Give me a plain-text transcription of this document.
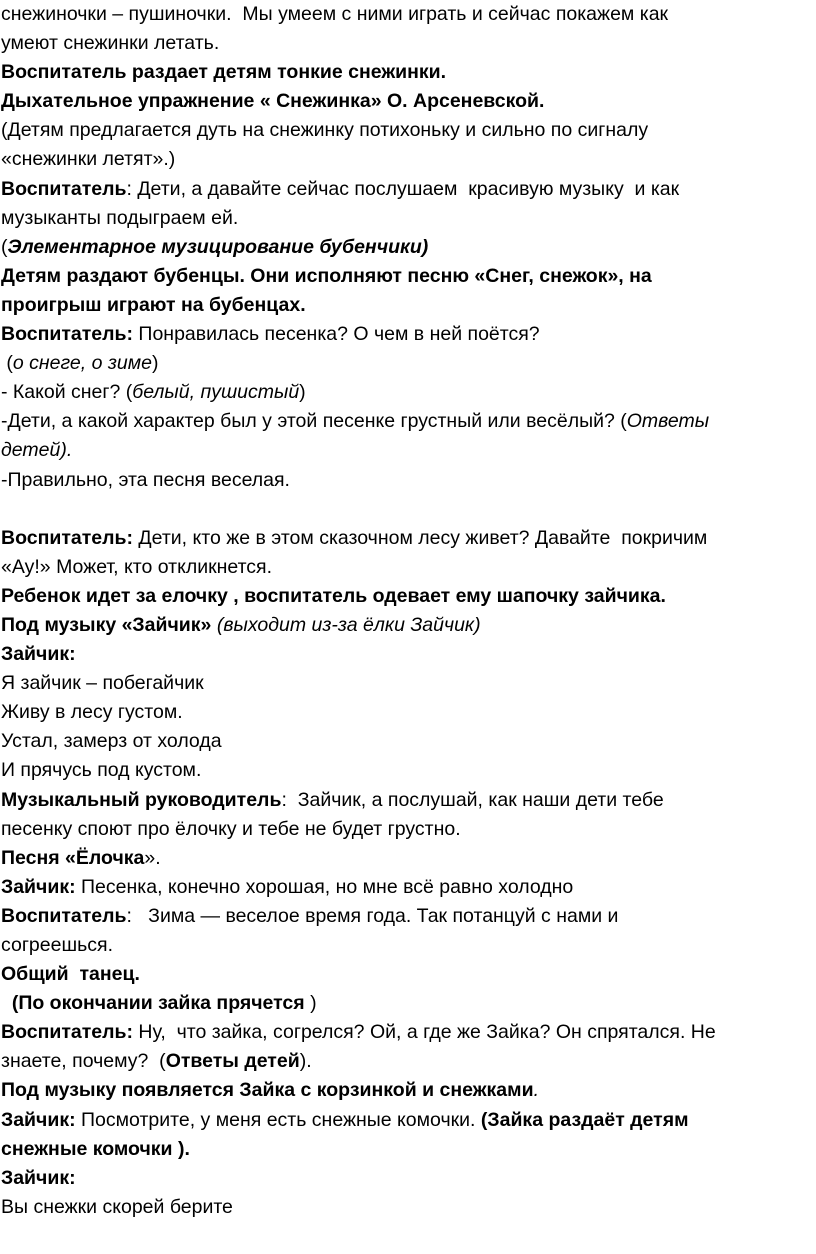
снежиночки – пушиночки.  Мы умеем с ними играть и сейчас покажем как
умеют снежинки летать.
Воспитатель раздает детям тонкие снежинки.
Дыхательное упражнение « Снежинка» О. Арсеневской.
(Детям предлагается дуть на снежинку потихоньку и сильно по сигналу
«снежинки летят».)
Воспитатель: Дети, а давайте сейчас послушаем  красивую музыку  и как
музыканты подыграем ей.
(Элементарное музицирование бубенчики)
Детям раздают бубенцы. Они исполняют песню «Снег, снежок», на
проигрыш играют на бубенцах.
Воспитатель: Понравилась песенка? О чем в ней поётся?
(о снеге, о зиме)
- Какой снег? (белый, пушистый)
-Дети, а какой характер был у этой песенке грустный или весёлый? (Ответы
детей).
-Правильно, эта песня веселая.
Воспитатель: Дети, кто же в этом сказочном лесу живет? Давайте  покричим
«Ау!» Может, кто откликнется.
Ребенок идет за елочку , воспитатель одевает ему шапочку зайчика.
Под музыку «Зайчик» (выходит из-за ёлки Зайчик)
Зайчик:
Я зайчик – побегайчик
Живу в лесу густом.
Устал, замерз от холода
И прячусь под кустом.
Музыкальный руководитель:  Зайчик, а послушай, как наши дети тебе
песенку споют про ёлочку и тебе не будет грустно.
Песня «Ёлочка».
Зайчик: Песенка, конечно хорошая, но мне всё равно холодно
Воспитатель:   Зима — веселое время года. Так потанцуй с нами и
согреешься.
Общий  танец.
(По окончании зайка прячется )
Воспитатель: Ну,  что зайка, согрелся? Ой, а где же Зайка? Он спрятался. Не
знаете, почему?  (Ответы детей).
Под музыку появляется Зайка с корзинкой и снежками.
Зайчик: Посмотрите, у меня есть снежные комочки. (Зайка раздаёт детям
снежные комочки ).
Зайчик:
Вы снежки скорей берите
